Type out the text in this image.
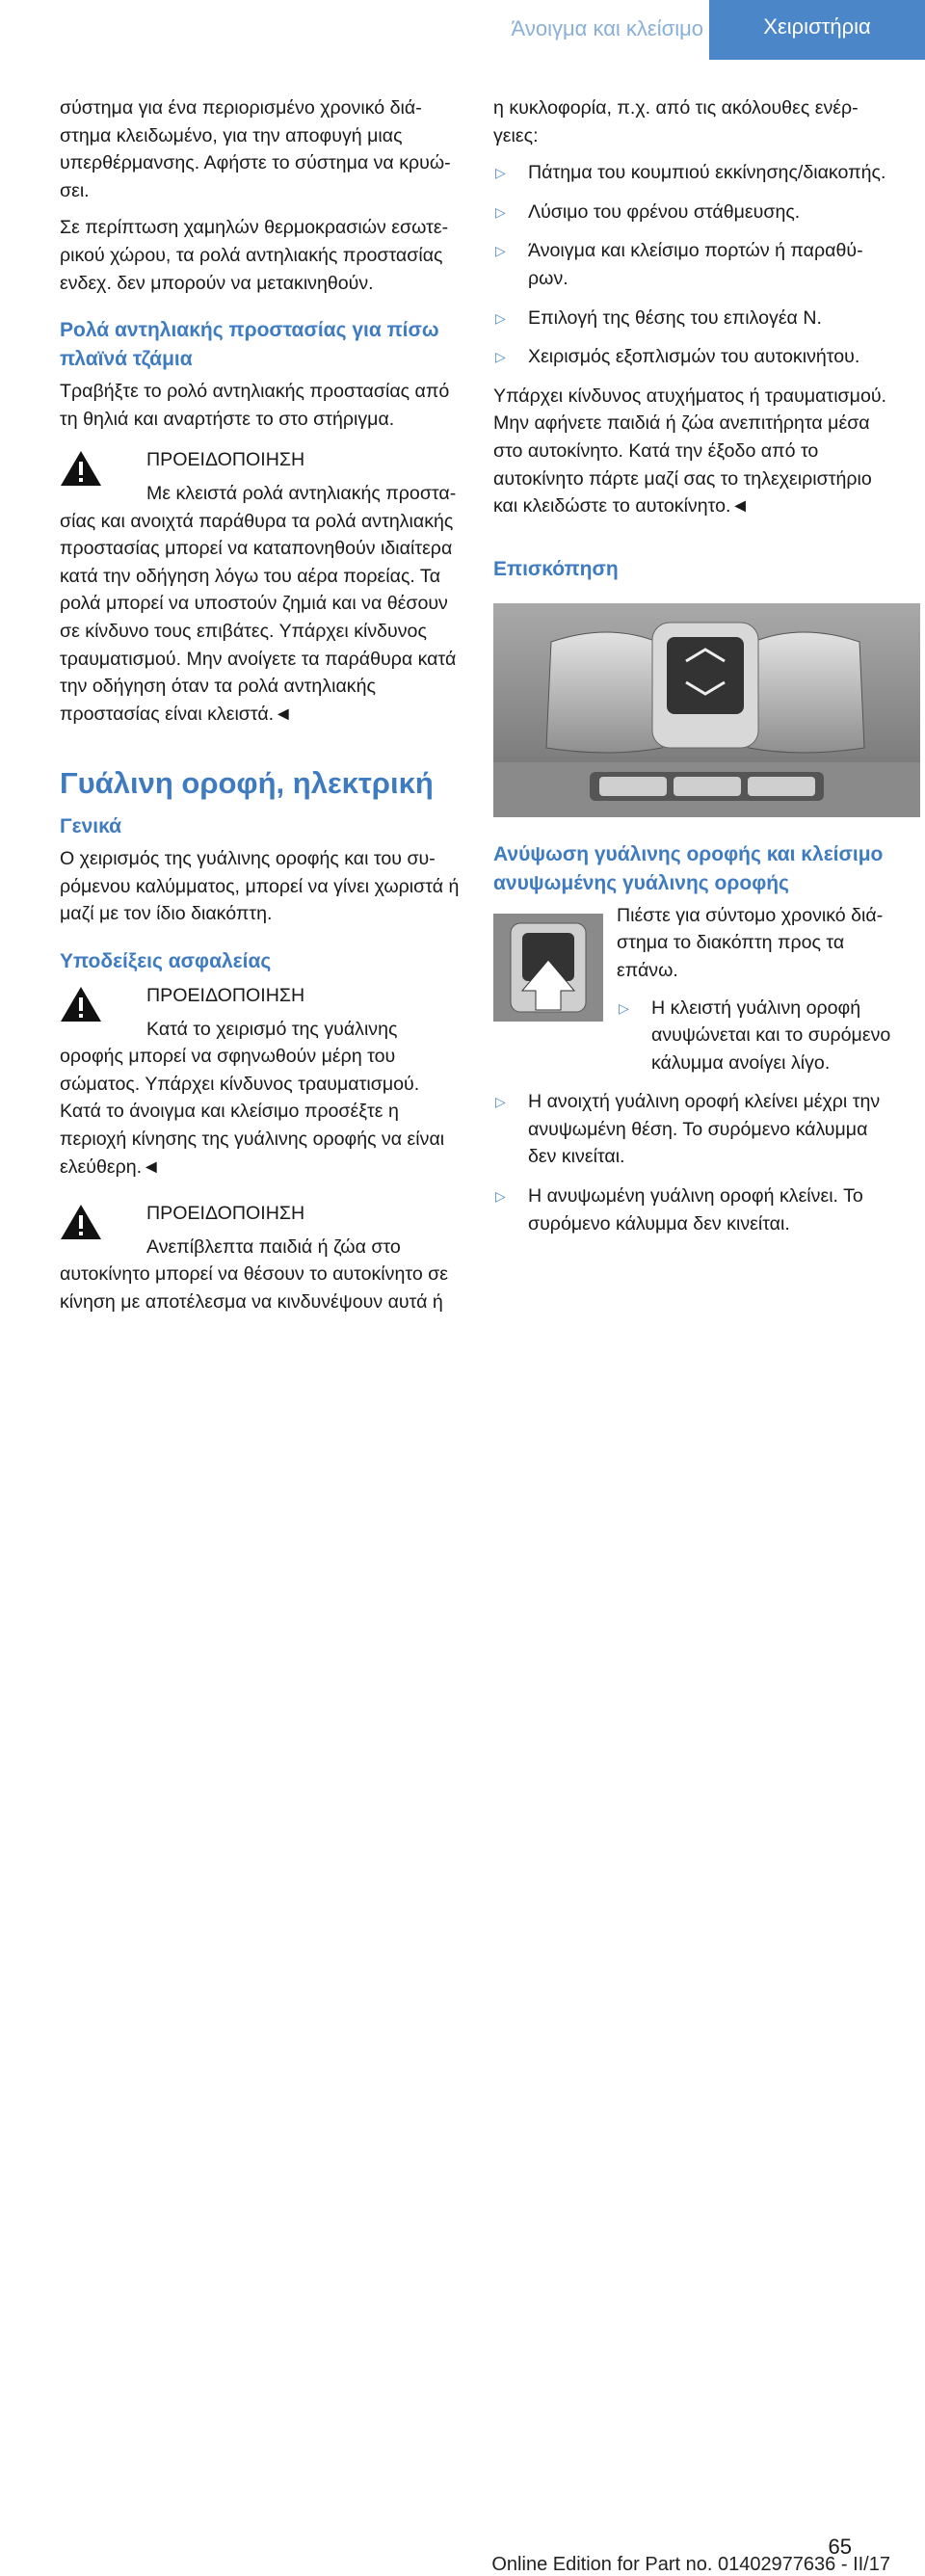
Άνοιγμα και κλείσιμο	Χειριστήρια

σύστημα για ένα περιορισμένο χρονικό διάστημα κλειδωμένο, για την αποφυγή μιας υπερθέρμανσης. Αφήστε το σύστημα να κρυώσει.

Σε περίπτωση χαμηλών θερμοκρασιών εσωτερικού χώρου, τα ρολά αντηλιακής προστασίας ενδεχ. δεν μπορούν να μετακινηθούν.

Ρολά αντηλιακής προστασίας για πίσω πλαϊνά τζάμια

Τραβήξτε το ρολό αντηλιακής προστασίας από τη θηλιά και αναρτήστε το στο στήριγμα.

ΠΡΟΕΙΔΟΠΟΙΗΣΗ

Με κλειστά ρολά αντηλιακής προστασίας και ανοιχτά παράθυρα τα ρολά αντηλιακής προστασίας μπορεί να καταπονηθούν ιδιαίτερα κατά την οδήγηση λόγω του αέρα πορείας. Τα ρολά μπορεί να υποστούν ζημιά και να θέσουν σε κίνδυνο τους επιβάτες. Υπάρχει κίνδυνος τραυματισμού. Μην ανοίγετε τα παράθυρα κατά την οδήγηση όταν τα ρολά αντηλιακής προστασίας είναι κλειστά.◄

Γυάλινη οροφή, ηλεκτρική
Γενικά

Ο χειρισμός της γυάλινης οροφής και του συρόμενου καλύμματος, μπορεί να γίνει χωριστά ή μαζί με τον ίδιο διακόπτη.

Υποδείξεις ασφαλείας

ΠΡΟΕΙΔΟΠΟΙΗΣΗ

Κατά το χειρισμό της γυάλινης οροφής μπορεί να σφηνωθούν μέρη του σώματος. Υπάρχει κίνδυνος τραυματισμού. Κατά το άνοιγμα και κλείσιμο προσέξτε η περιοχή κίνησης της γυάλινης οροφής να είναι ελεύθερη.◄

ΠΡΟΕΙΔΟΠΟΙΗΣΗ

Ανεπίβλεπτα παιδιά ή ζώα στο αυτοκίνητο μπορεί να θέσουν το αυτοκίνητο σε κίνηση με αποτέλεσμα να κινδυνέψουν αυτά ή

η κυκλοφορία, π.χ. από τις ακόλουθες ενέργειες:

▷ Πάτημα του κουμπιού εκκίνησης/διακοπής.
▷ Λύσιμο του φρένου στάθμευσης.
▷ Άνοιγμα και κλείσιμο πορτών ή παραθύρων.
▷ Επιλογή της θέσης του επιλογέα N.
▷ Χειρισμός εξοπλισμών του αυτοκινήτου.

Υπάρχει κίνδυνος ατυχήματος ή τραυματισμού. Μην αφήνετε παιδιά ή ζώα ανεπιτήρητα μέσα στο αυτοκίνητο. Κατά την έξοδο από το αυτοκίνητο πάρτε μαζί σας το τηλεχειριστήριο και κλειδώστε το αυτοκίνητο.◄

Επισκόπηση
Ανύψωση γυάλινης οροφής και κλείσιμο ανυψωμένης γυάλινης οροφής

Πιέστε για σύντομο χρονικό διάστημα το διακόπτη προς τα επάνω.

▷ Η κλειστή γυάλινη οροφή ανυψώνεται και το συρόμενο κάλυμμα ανοίγει λίγο.
▷ Η ανοιχτή γυάλινη οροφή κλείνει μέχρι την ανυψωμένη θέση. Το συρόμενο κάλυμμα δεν κινείται.
▷ Η ανυψωμένη γυάλινη οροφή κλείνει. Το συρόμενο κάλυμμα δεν κινείται.
65
Online Edition for Part no. 01402977636 - II/17
